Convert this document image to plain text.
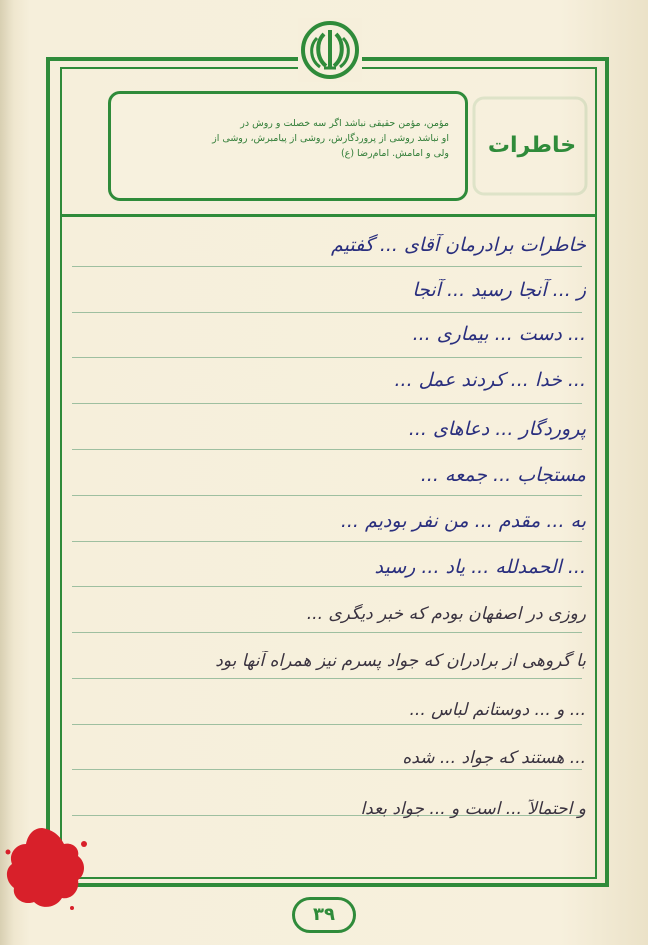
مؤمن، مؤمن حقیقی نباشد اگر سه خصلت و روش در
او نباشد روشی از پروردگارش، روشی از پیامبرش، روشی از
ولی و امامش. امام‌رضا (ع)	خاطرات
خاطرات برادرمان آقای ... گفتیم
ز ... آنجا رسید ... آنجا
... دست ... بیماری ...
... خدا ... کردند عمل ...
پروردگار ... دعاهای ...
مستجاب ... جمعه ...
به ... مقدم ... من نفر بودیم ...
... الحمدلله ... یاد ... رسید
روزی در اصفهان بودم که خبر دیگری ...
با گروهی از برادران که جواد پسرم نیز همراه آنها بود
... و ... دوستانم لباس ...
... هستند که جواد ... شده
و احتمالاً ... است و ... جواد بعدا
۳۹
